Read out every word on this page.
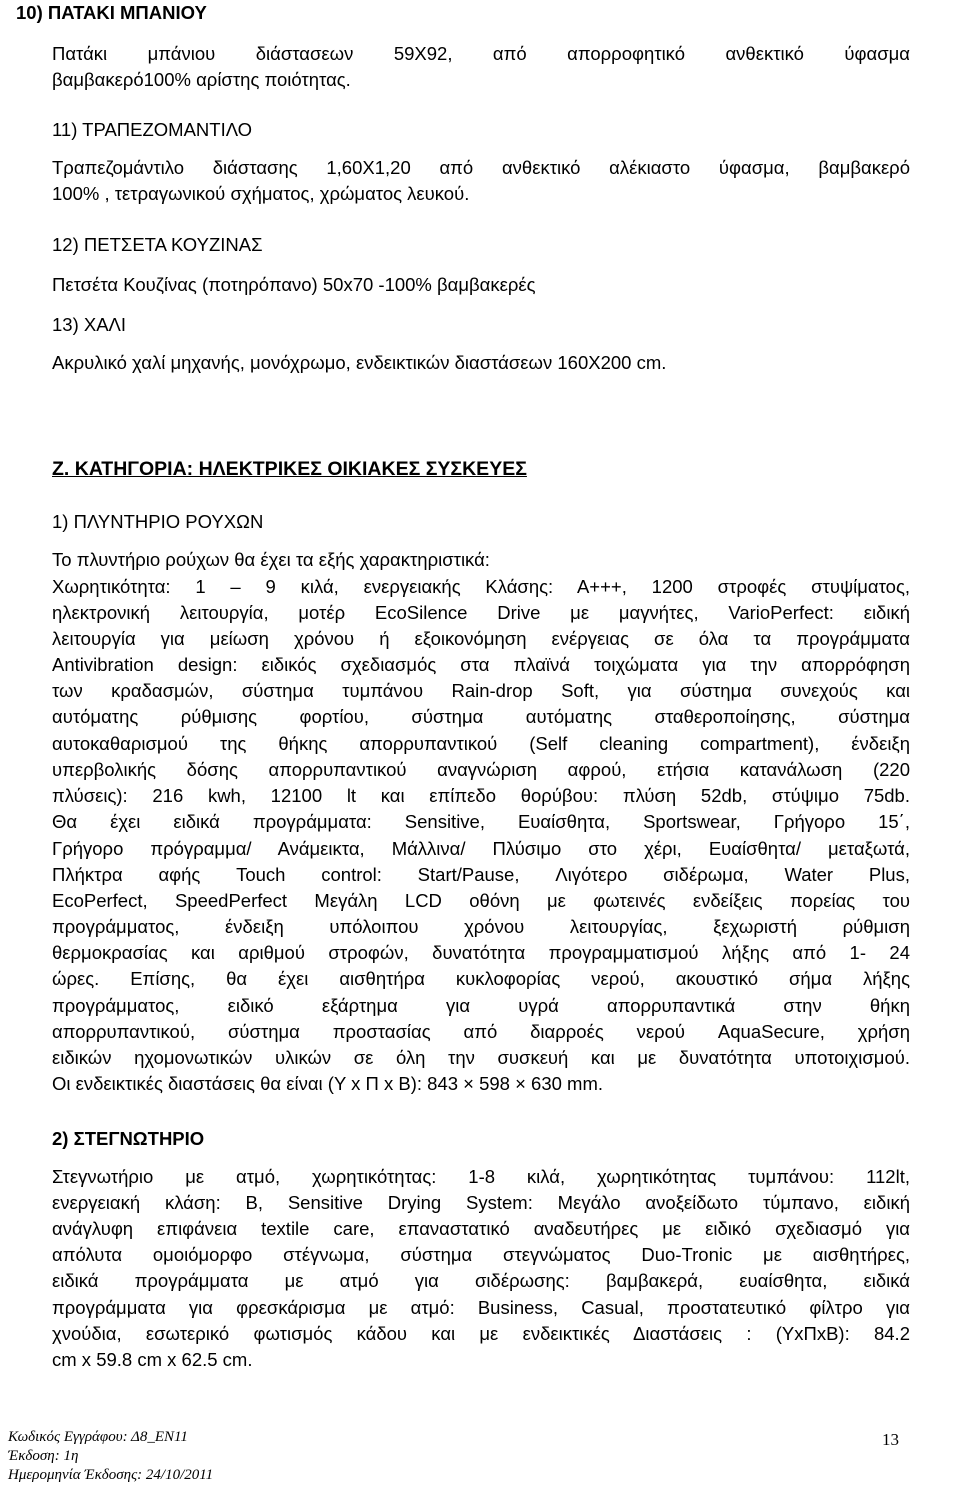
10) ΠΑΤΑΚΙ ΜΠΑΝΙΟΥ
Πατάκι μπάνιου διάστασεων 59Χ92, από απορροφητικό ανθεκτικό ύφασμα
βαμβακερό100% αρίστης ποιότητας.
11) ΤΡΑΠΕΖΟΜΑΝΤΙΛΟ
Τραπεζομάντιλο διάστασης 1,60Χ1,20 από ανθεκτικό αλέκιαστο ύφασμα, βαμβακερό
100% , τετραγωνικού σχήματος, χρώματος λευκού.
12) ΠΕΤΣΕΤΑ ΚΟΥΖΙΝΑΣ
Πετσέτα Κουζίνας (ποτηρόπανο) 50x70 -100% βαμβακερές
13) ΧΑΛΙ
Ακρυλικό χαλί μηχανής, μονόχρωμο, ενδεικτικών διαστάσεων 160Χ200 cm.
Ζ. ΚΑΤΗΓΟΡΙΑ: ΗΛΕΚΤΡΙΚΕΣ ΟΙΚΙΑΚΕΣ ΣΥΣΚΕΥΕΣ
1) ΠΛΥΝΤΗΡΙΟ ΡΟΥΧΩΝ
Το πλυντήριο ρούχων θα έχει τα εξής χαρακτηριστικά:
Χωρητικότητα: 1 – 9 κιλά, ενεργειακής Κλάσης: Α+++, 1200 στροφές στυψίματος,
ηλεκτρονική λειτουργία, μοτέρ EcoSilence Drive με μαγνήτες, VarioPerfect: ειδική
λειτουργία για μείωση χρόνου ή εξοικονόμηση ενέργειας σε όλα τα προγράμματα
Antivibration design: ειδικός σχεδιασμός στα πλαϊνά τοιχώματα για την απορρόφηση
των κραδασμών, σύστημα τυμπάνου Rain-drop Soft, για σύστημα συνεχούς και
αυτόματης ρύθμισης φορτίου, σύστημα αυτόματης σταθεροποίησης, σύστημα
αυτοκαθαρισμού της θήκης απορρυπαντικού (Self cleaning compartment), ένδειξη
υπερβολικής δόσης απορρυπαντικού αναγνώριση αφρού, ετήσια κατανάλωση (220
πλύσεις): 216 kwh, 12100 lt και επίπεδο θορύβου: πλύση 52db, στύψιμο 75db.
Θα έχει ειδικά προγράμματα: Sensitive, Ευαίσθητα, Sportswear, Γρήγορο 15΄,
Γρήγορο πρόγραμμα/ Ανάμεικτα, Μάλλινα/ Πλύσιμο στο χέρι, Ευαίσθητα/ μεταξωτά,
Πλήκτρα αφής Touch control: Start/Pause, Λιγότερο σιδέρωμα, Water Plus,
EcoPerfect, SpeedPerfect Μεγάλη LCD οθόνη με φωτεινές ενδείξεις πορείας του
προγράμματος, ένδειξη υπόλοιπου χρόνου λειτουργίας, ξεχωριστή ρύθμιση
θερμοκρασίας και αριθμού στροφών, δυνατότητα προγραμματισμού λήξης από 1- 24
ώρες. Επίσης, θα έχει αισθητήρα κυκλοφορίας νερού, ακουστικό σήμα λήξης
προγράμματος, ειδικό εξάρτημα για υγρά απορρυπαντικά στην θήκη
απορρυπαντικού, σύστημα προστασίας από διαρροές νερού AquaSecure, χρήση
ειδικών ηχομονωτικών υλικών σε όλη την συσκευή και με δυνατότητα υποτοιχισμού.
Οι ενδεικτικές διαστάσεις θα είναι (Υ x Π x Β): 843 × 598 × 630 mm.
2) ΣΤΕΓΝΩΤΗΡΙΟ
Στεγνωτήριο με ατμό, χωρητικότητας: 1-8 κιλά, χωρητικότητας τυμπάνου: 112lt,
ενεργειακή κλάση: Β, Sensitive Drying System: Μεγάλο ανοξείδωτο τύμπανο, ειδική
ανάγλυφη επιφάνεια textile care, επαναστατικό αναδευτήρες με ειδικό σχεδιασμό για
απόλυτα ομοιόμορφο στέγνωμα, σύστημα στεγνώματος Duo-Tronic με αισθητήρες,
ειδικά προγράμματα με ατμό για σιδέρωσης: βαμβακερά, ευαίσθητα, ειδικά
προγράμματα για φρεσκάρισμα με ατμό: Business, Casual, προστατευτικό φίλτρο για
χνούδια, εσωτερικό φωτισμός κάδου και με ενδεικτικές Διαστάσεις : (ΥxΠxΒ): 84.2
cm x 59.8 cm x 62.5 cm.
Κωδικός Εγγράφου: Δ8_ΕΝ11
Έκδοση: 1η
Ημερομηνία Έκδοσης: 24/10/2011
13
